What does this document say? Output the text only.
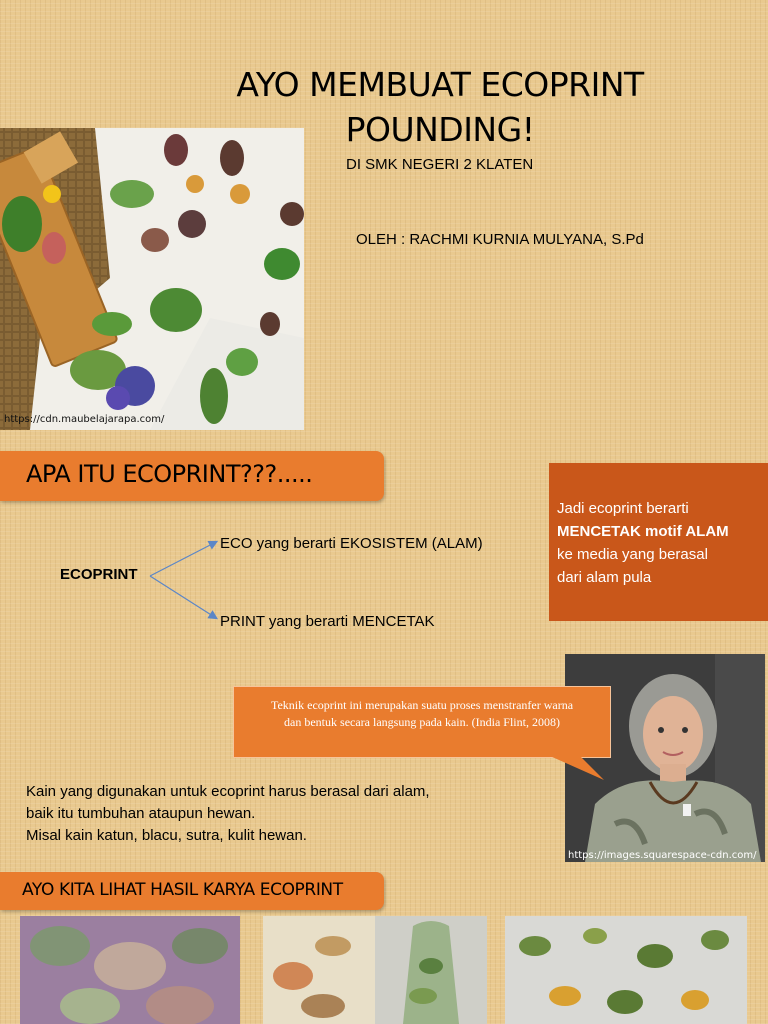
AYO MEMBUAT ECOPRINT
POUNDING!
DI SMK NEGERI 2 KLATEN
OLEH : RACHMI KURNIA MULYANA, S.Pd
https://cdn.maubelajarapa.com/
APA ITU ECOPRINT???.....
ECOPRINT
ECO yang berarti EKOSISTEM (ALAM)
PRINT yang berarti MENCETAK

Jadi ecoprint berarti

MENCETAK motif ALAM

ke media yang berasal

dari alam pula

https://images.squarespace-cdn.com/
Teknik ecoprint ini merupakan suatu proses menstranfer warna
dan bentuk secara langsung pada kain. (India Flint, 2008)
Kain yang digunakan untuk ecoprint harus berasal dari alam,
baik itu tumbuhan ataupun hewan.
Misal kain katun, blacu, sutra, kulit hewan.
AYO KITA LIHAT HASIL KARYA ECOPRINT
